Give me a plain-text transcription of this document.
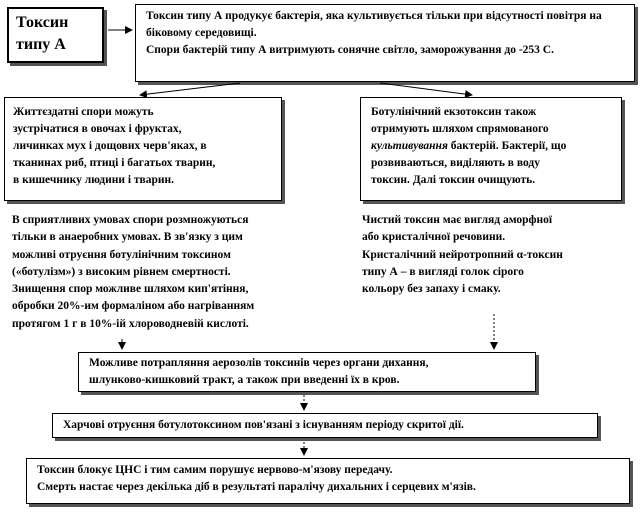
Токсин
типу А
Токсин типу А продукує бактерія, яка культивується тільки при відсутності повітря на біковому середовищі.
Спори бактерій типу А витримують сонячне світло, заморожування до -253 С.
Життєздатні спори можуть
зустрічатися в овочах і фруктах,
личинках мух і дощових черв'яках, в
тканинах риб, птиці і багатьох тварин,
в кишечнику людини і тварин.
Ботулінічний екзотоксин також
отримують шляхом спрямованого
культивування бактерій. Бактерії, що
розвиваються, виділяють в воду
токсин. Далі токсин очищують.
В сприятливих умовах спори розмножуються
тільки в анаеробних умовах. В зв'язку з цим
можливі отруєння ботулінічним токсином
(«ботулізм») з високим рівнем смертності.
Знищення спор можливе шляхом кип'ятіння,
обробки 20%-им формаліном або нагріванням
протягом 1 г в 10%-ій хлороводневій кислоті.
Чистий токсин має вигляд аморфної
або кристалічної речовини.
Кристалічний нейротропний α-токсин
типу А – в вигляді голок сірого
кольору без запаху і смаку.
Можливе потрапляння аерозолів токсинів через органи дихання,
шлунково-кишковий тракт, а також при введенні їх в кров.
Харчові отруєння ботулотоксином пов'язані з існуванням періоду скритої дії.
Токсин блокує ЦНС і тим самим порушує нервово-м'язову передачу.
Смерть настає через декілька діб в результаті паралічу дихальних і серцевих м'язів.
